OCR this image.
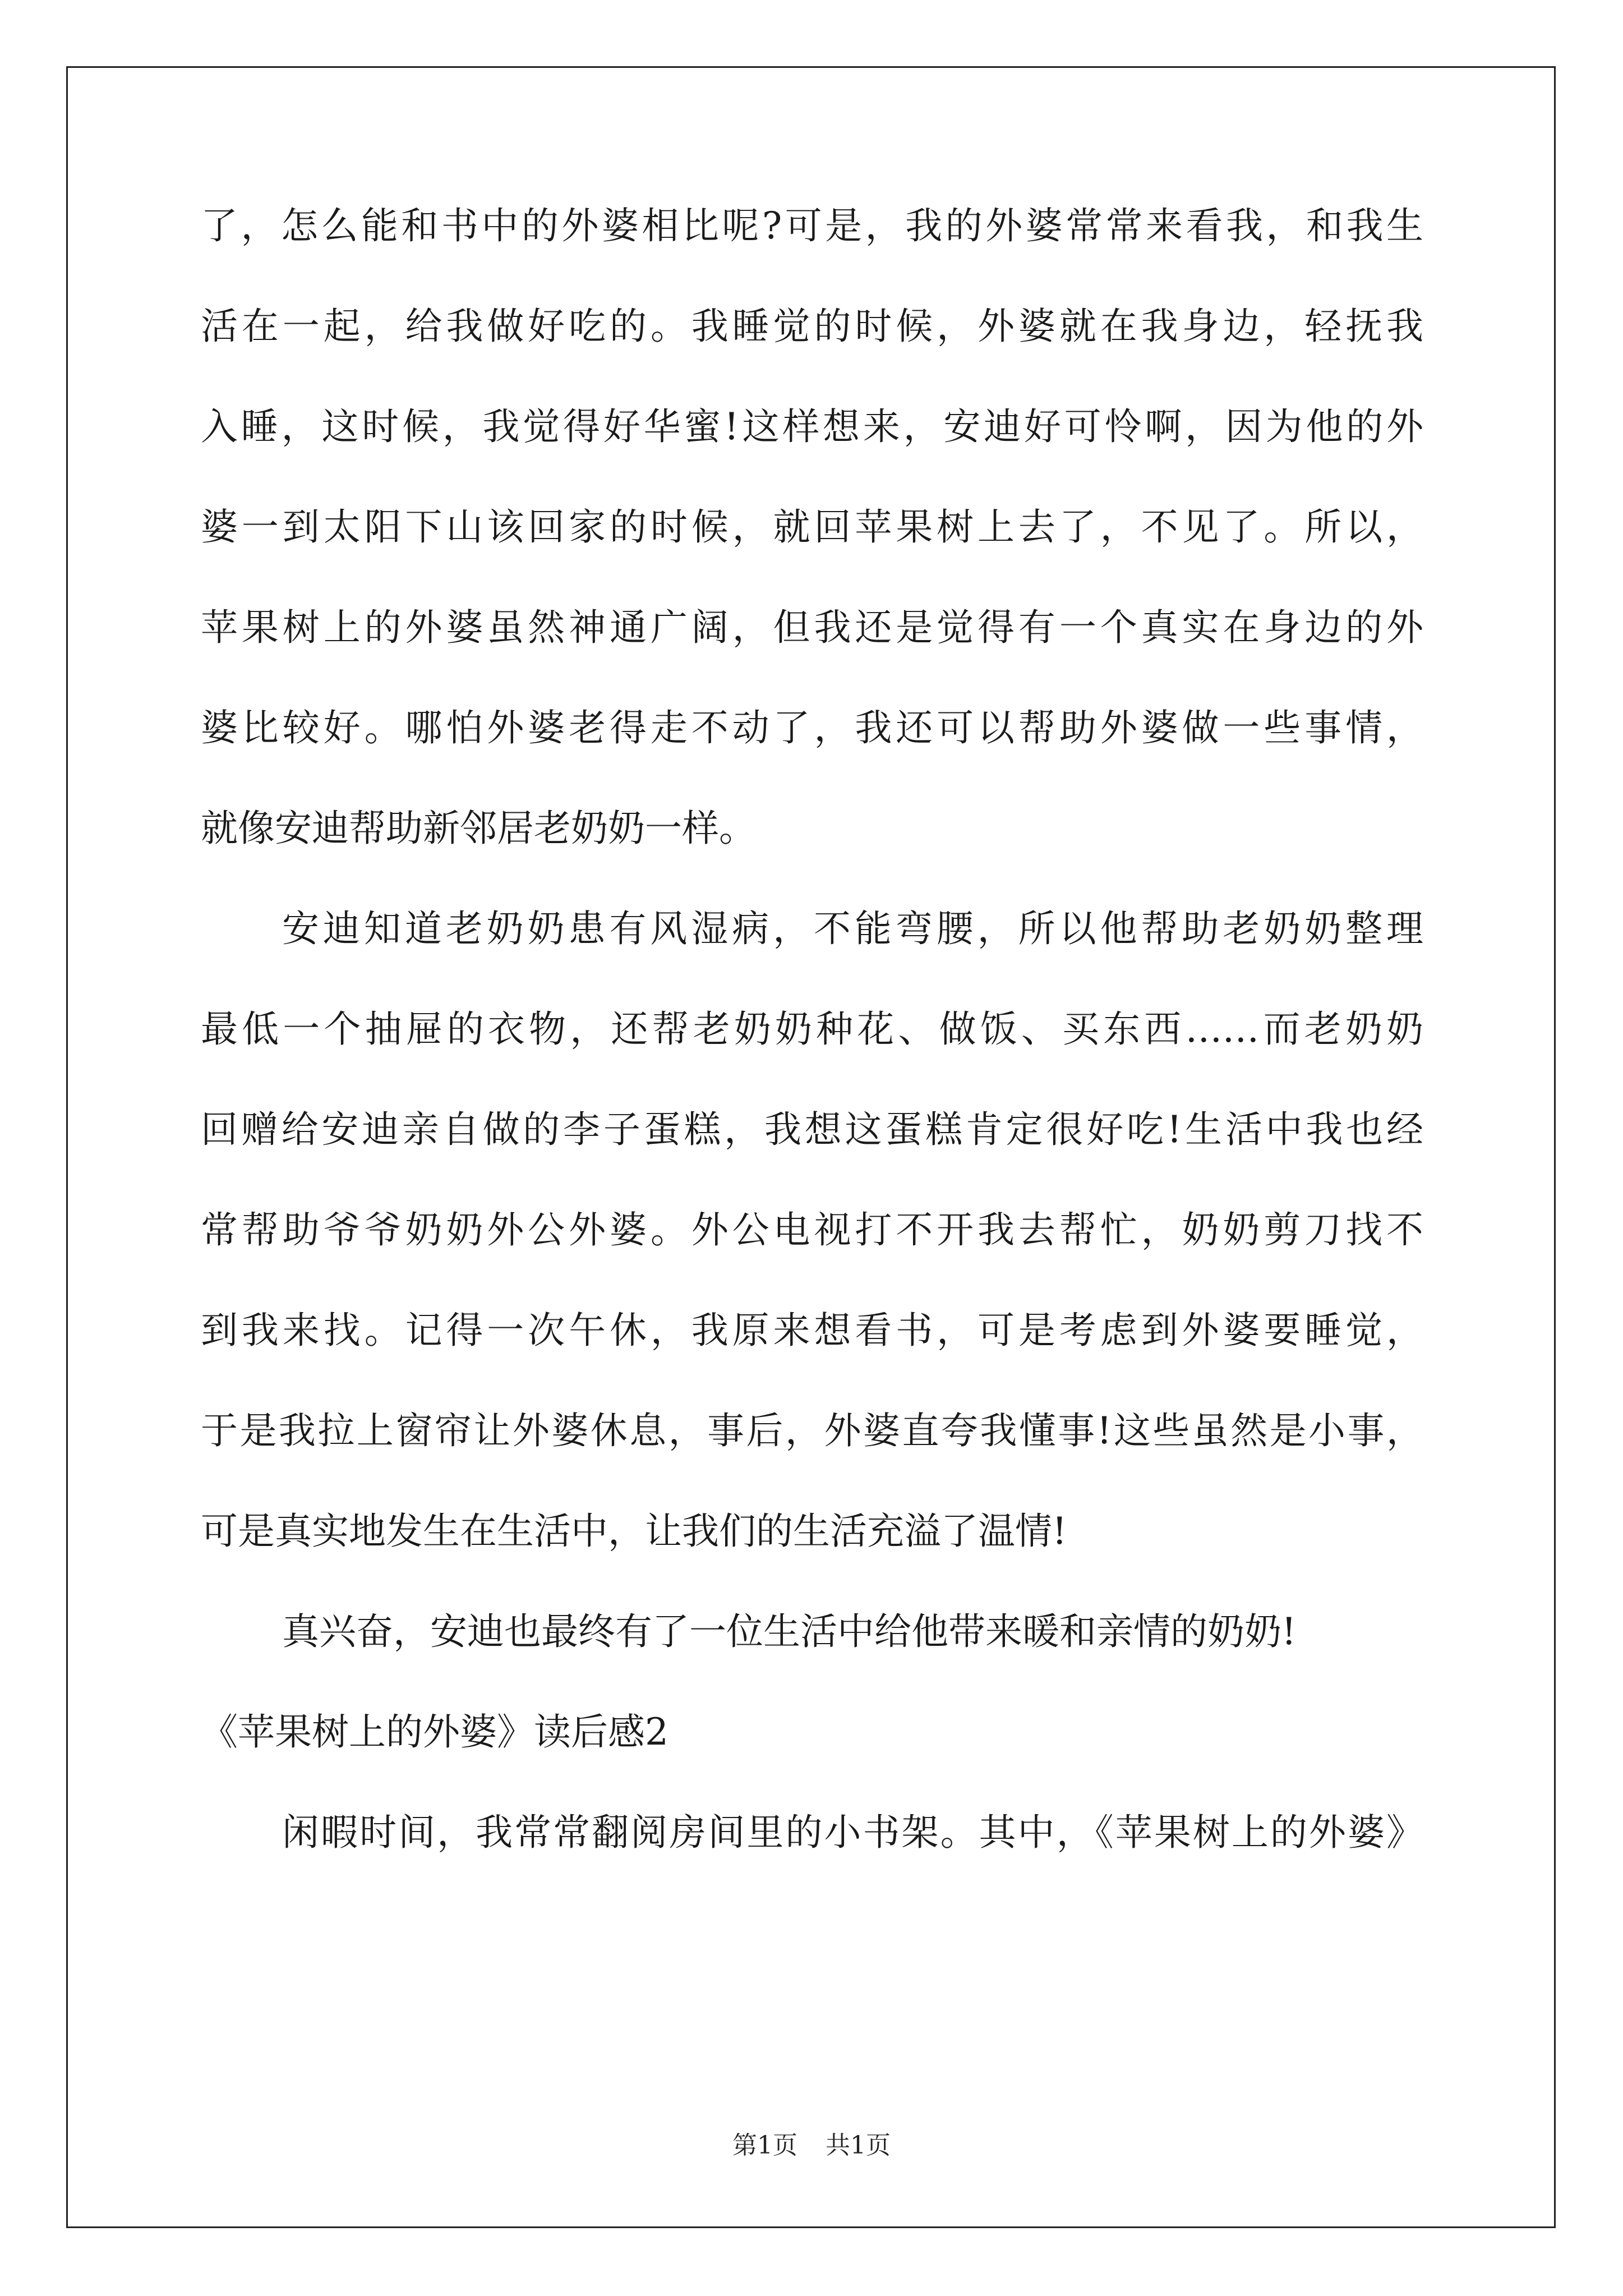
了，怎么能和书中的外婆相比呢?可是，我的外婆常常来看我，和我生
活在一起，给我做好吃的。我睡觉的时候，外婆就在我身边，轻抚我
入睡，这时候，我觉得好华蜜!这样想来，安迪好可怜啊，因为他的外
婆一到太阳下山该回家的时候，就回苹果树上去了，不见了。所以，
苹果树上的外婆虽然神通广阔，但我还是觉得有一个真实在身边的外
婆比较好。哪怕外婆老得走不动了，我还可以帮助外婆做一些事情，
就像安迪帮助新邻居老奶奶一样。
安迪知道老奶奶患有风湿病，不能弯腰，所以他帮助老奶奶整理
最低一个抽屉的衣物，还帮老奶奶种花、做饭、买东西……而老奶奶
回赠给安迪亲自做的李子蛋糕，我想这蛋糕肯定很好吃!生活中我也经
常帮助爷爷奶奶外公外婆。外公电视打不开我去帮忙，奶奶剪刀找不
到我来找。记得一次午休，我原来想看书，可是考虑到外婆要睡觉，
于是我拉上窗帘让外婆休息，事后，外婆直夸我懂事!这些虽然是小事，
可是真实地发生在生活中，让我们的生活充溢了温情!
真兴奋，安迪也最终有了一位生活中给他带来暖和亲情的奶奶!
《苹果树上的外婆》读后感2
闲暇时间，我常常翻阅房间里的小书架。其中，《苹果树上的外婆》
第1页 共1页
